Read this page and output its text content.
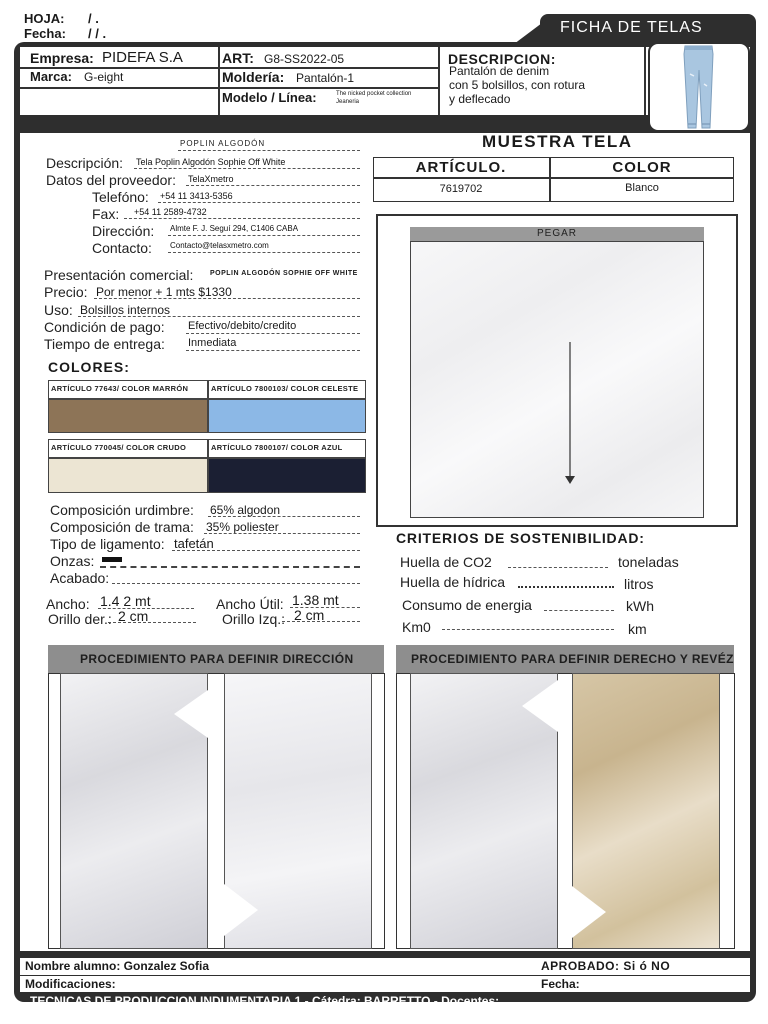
HOJA: / .
Fecha: / / .	FICHA DE TELAS
Empresa: PIDEFA S.A	ART: G8-SS2022-05
Marca: G-eight	Moldería: Pantalón-1
Modelo / Línea:	The nicked pocket collection Jeaneria
DESCRIPCION:
Pantalón de denim
con 5 bolsillos, con rotura
y deflecado
POPLIN ALGODÓN
Descripción: Tela Poplin Algodón Sophie Off White
Datos del proveedor: TelaXmetro
Telefóno: +54 11 3413-5356
Fax: +54 11 2589-4732
Dirección: Almte F. J. Seguí 294, C1406 CABA
Contacto: Contacto@telasxmetro.com
Presentación comercial: POPLIN ALGODÓN SOPHIE OFF WHITE
Precio: Por menor + 1 mts $1330
Uso: Bolsillos internos
Condición de pago: Efectivo/debito/credito
Tiempo de entrega: Inmediata
COLORES:
ARTÍCULO 77643/ COLOR MARRÓN	ARTÍCULO 7800103/ COLOR CELESTE
ARTÍCULO 770045/ COLOR CRUDO	ARTÍCULO 7800107/ COLOR AZUL
Composición urdimbre: 65% algodon
Composición de trama: 35% poliester
Tipo de ligamento: tafetán
Onzas:
Acabado:
Ancho: 1.4 2 mt	Ancho Útil: 1.38 mt
Orillo der.: 2 cm	Orillo Izq.: 2 cm
MUESTRA TELA
ARTÍCULO.	COLOR
7619702	Blanco
PEGAR
CRITERIOS DE SOSTENIBILIDAD:
Huella de CO2	toneladas
Huella de hídrica	litros
Consumo de energia	kWh
Km0	km
PROCEDIMIENTO PARA DEFINIR DIRECCIÓN	PROCEDIMIENTO PARA DEFINIR DERECHO Y REVÉZ
Nombre alumno: Gonzalez Sofia	APROBADO: Si ó NO
Modificaciones:	Fecha:
TECNICAS DE PRODUCCION INDUMENTARIA 1 - Cátedra: BARRETTO - Docentes:
